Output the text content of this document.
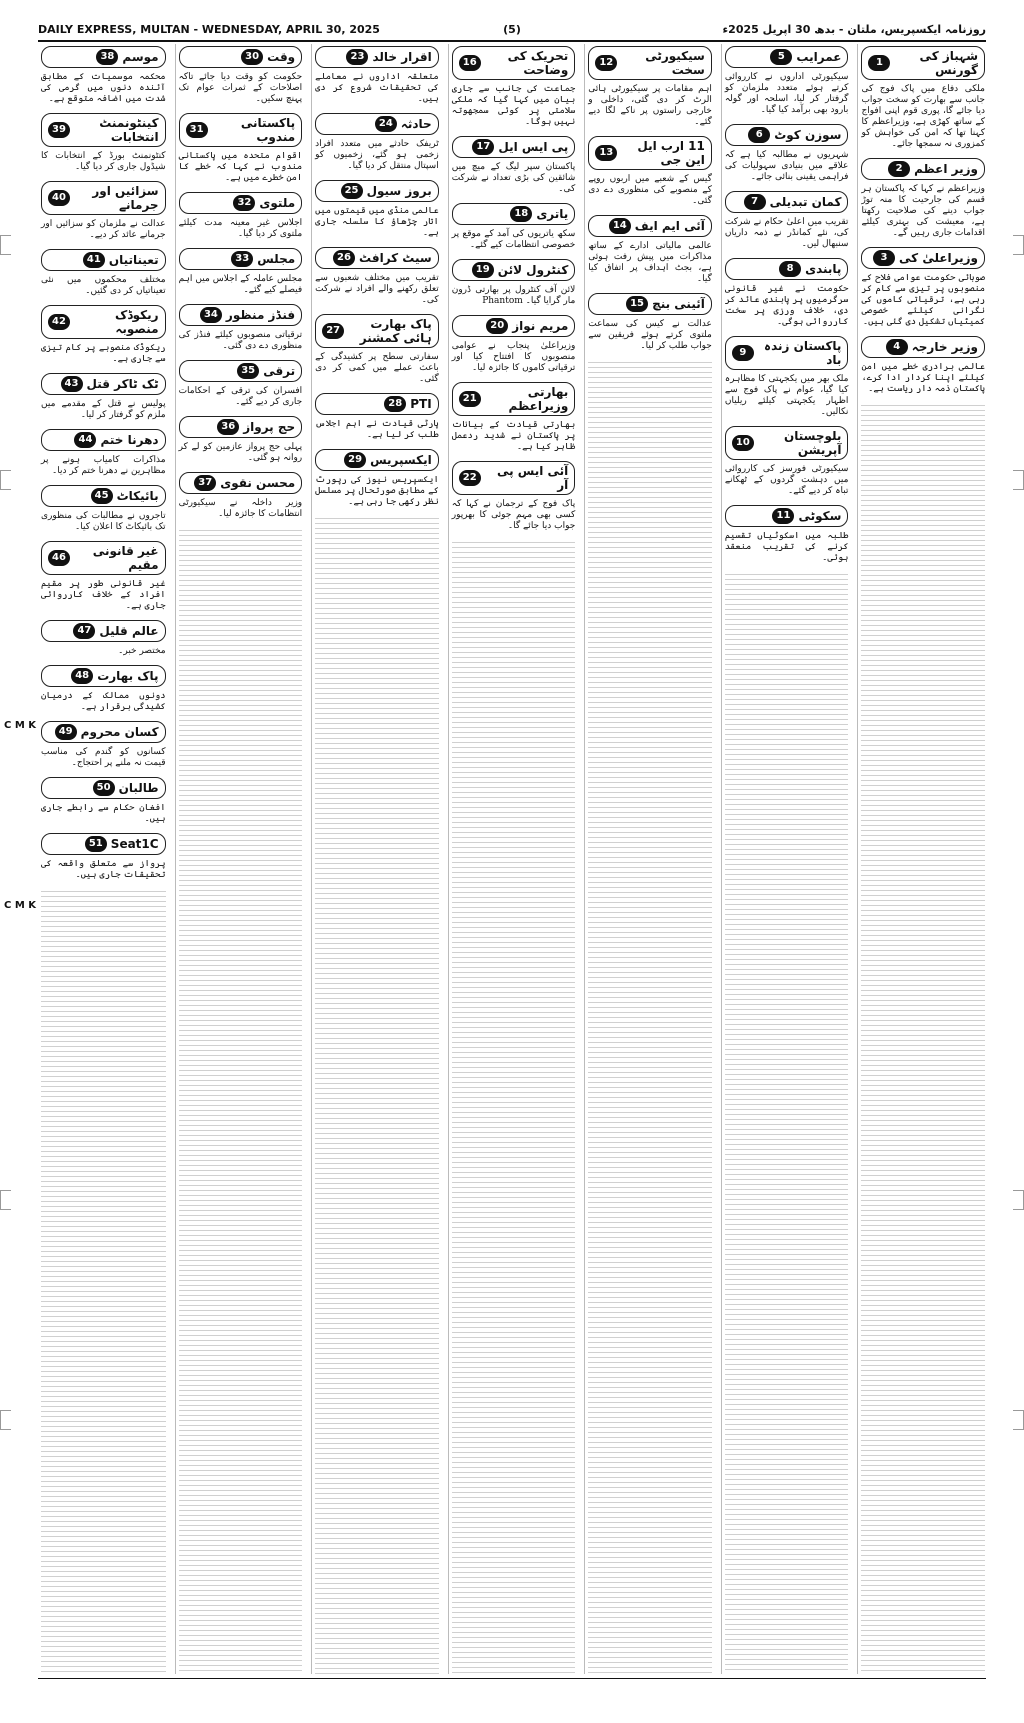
DAILY EXPRESS, MULTAN - WEDNESDAY, APRIL 30, 2025	(5)	روزنامہ ایکسپریس، ملتان - بدھ 30 اپریل 2025ء
C M K
C M K
شہباز کی گورنس
1
ملکی دفاع میں پاک فوج کی جانب سے بھارت کو سخت جواب دیا جائے گا، پوری قوم اپنی افواج کے ساتھ کھڑی ہے، وزیراعظم کا کہنا تھا کہ امن کی خواہش کو کمزوری نہ سمجھا جائے۔
وزیر اعظم
2
وزیراعظم نے کہا کہ پاکستان ہر قسم کی جارحیت کا منہ توڑ جواب دینے کی صلاحیت رکھتا ہے، معیشت کی بہتری کیلئے اقدامات جاری رہیں گے۔
وزیراعلیٰ کی
3
صوبائی حکومت عوامی فلاح کے منصوبوں پر تیزی سے کام کر رہی ہے، ترقیاتی کاموں کی نگرانی کیلئے خصوصی کمیٹیاں تشکیل دی گئی ہیں۔
وزیر خارجہ
4
عالمی برادری خطے میں امن کیلئے اپنا کردار ادا کرے، پاکستان ذمہ دار ریاست ہے۔
عمرایب
5
سیکیورٹی اداروں نے کارروائی کرتے ہوئے متعدد ملزمان کو گرفتار کر لیا، اسلحہ اور گولہ بارود بھی برآمد کیا گیا۔
سوزن کوٹ
6
شہریوں نے مطالبہ کیا ہے کہ علاقے میں بنیادی سہولیات کی فراہمی یقینی بنائی جائے۔
کمان تبدیلی
7
تقریب میں اعلیٰ حکام نے شرکت کی، نئے کمانڈر نے ذمہ داریاں سنبھال لیں۔
پابندی
8
حکومت نے غیر قانونی سرگرمیوں پر پابندی عائد کر دی، خلاف ورزی پر سخت کارروائی ہوگی۔
پاکستان زندہ باد
9
ملک بھر میں یکجہتی کا مظاہرہ کیا گیا، عوام نے پاک فوج سے اظہار یکجہتی کیلئے ریلیاں نکالیں۔
بلوچستان آپریشن
10
سیکیورٹی فورسز کی کارروائی میں دہشت گردوں کے ٹھکانے تباہ کر دیے گئے۔
سکوٹی
11
طلبہ میں اسکوٹیاں تقسیم کرنے کی تقریب منعقد ہوئی۔
سیکیورٹی سخت
12
اہم مقامات پر سیکیورٹی ہائی الرٹ کر دی گئی، داخلی و خارجی راستوں پر ناکے لگا دیے گئے۔
11 ارب ایل این جی
13
گیس کے شعبے میں اربوں روپے کے منصوبے کی منظوری دے دی گئی۔
آئی ایم ایف
14
عالمی مالیاتی ادارے کے ساتھ مذاکرات میں پیش رفت ہوئی ہے، بجٹ اہداف پر اتفاق کیا گیا۔
آئینی بنچ
15
عدالت نے کیس کی سماعت ملتوی کرتے ہوئے فریقین سے جواب طلب کر لیا۔
تحریک کی وضاحت
16
جماعت کی جانب سے جاری بیان میں کہا گیا کہ ملکی سلامتی پر کوئی سمجھوتہ نہیں ہوگا۔
پی ایس ایل
17
پاکستان سپر لیگ کے میچ میں شائقین کی بڑی تعداد نے شرکت کی۔
یاتری
18
سکھ یاتریوں کی آمد کے موقع پر خصوصی انتظامات کیے گئے۔
کنٹرول لائن
19
لائن آف کنٹرول پر بھارتی ڈرون مار گرایا گیا۔ Phantom
مریم نواز
20
وزیراعلیٰ پنجاب نے عوامی منصوبوں کا افتتاح کیا اور ترقیاتی کاموں کا جائزہ لیا۔
بھارتی وزیراعظم
21
بھارتی قیادت کے بیانات پر پاکستان نے شدید ردعمل ظاہر کیا ہے۔
آئی ایس پی آر
22
پاک فوج کے ترجمان نے کہا کہ کسی بھی مہم جوئی کا بھرپور جواب دیا جائے گا۔
اقرار خالد
23
متعلقہ اداروں نے معاملے کی تحقیقات شروع کر دی ہیں۔
حادثہ
24
ٹریفک حادثے میں متعدد افراد زخمی ہو گئے، زخمیوں کو اسپتال منتقل کر دیا گیا۔
بروز سیول
25
عالمی منڈی میں قیمتوں میں اتار چڑھاؤ کا سلسلہ جاری ہے۔
سیٹ کرافٹ
26
تقریب میں مختلف شعبوں سے تعلق رکھنے والے افراد نے شرکت کی۔
پاک بھارت ہائی کمشنر
27
سفارتی سطح پر کشیدگی کے باعث عملے میں کمی کر دی گئی۔
PTI
28
پارٹی قیادت نے اہم اجلاس طلب کر لیا ہے۔
ایکسپریس
29
ایکسپریس نیوز کی رپورٹ کے مطابق صورتحال پر مسلسل نظر رکھی جا رہی ہے۔
وقت
30
حکومت کو وقت دیا جائے تاکہ اصلاحات کے ثمرات عوام تک پہنچ سکیں۔
پاکستانی مندوب
31
اقوام متحدہ میں پاکستانی مندوب نے کہا کہ خطے کا امن خطرے میں ہے۔
ملتوی
32
اجلاس غیر معینہ مدت کیلئے ملتوی کر دیا گیا۔
مجلس
33
مجلس عاملہ کے اجلاس میں اہم فیصلے کیے گئے۔
فنڈز منظور
34
ترقیاتی منصوبوں کیلئے فنڈز کی منظوری دے دی گئی۔
ترقی
35
افسران کی ترقی کے احکامات جاری کر دیے گئے۔
حج پرواز
36
پہلی حج پرواز عازمین کو لے کر روانہ ہو گئی۔
محسن نقوی
37
وزیر داخلہ نے سیکیورٹی انتظامات کا جائزہ لیا۔
موسم
38
محکمہ موسمیات کے مطابق آئندہ دنوں میں گرمی کی شدت میں اضافہ متوقع ہے۔
کینٹونمنٹ انتخابات
39
کنٹونمنٹ بورڈ کے انتخابات کا شیڈول جاری کر دیا گیا۔
سزائیں اور جرمانے
40
عدالت نے ملزمان کو سزائیں اور جرمانے عائد کر دیے۔
تعیناتیاں
41
مختلف محکموں میں نئی تعیناتیاں کر دی گئیں۔
ریکوڈک منصوبہ
42
ریکوڈک منصوبے پر کام تیزی سے جاری ہے۔
ٹک ٹاکر قتل
43
پولیس نے قتل کے مقدمے میں ملزم کو گرفتار کر لیا۔
دھرنا ختم
44
مذاکرات کامیاب ہونے پر مظاہرین نے دھرنا ختم کر دیا۔
بائیکاٹ
45
تاجروں نے مطالبات کی منظوری تک بائیکاٹ کا اعلان کیا۔
غیر قانونی مقیم
46
غیر قانونی طور پر مقیم افراد کے خلاف کارروائی جاری ہے۔
عالم قلیل
47
مختصر خبر۔
پاک بھارت
48
دونوں ممالک کے درمیان کشیدگی برقرار ہے۔
کسان محروم
49
کسانوں کو گندم کی مناسب قیمت نہ ملنے پر احتجاج۔
طالبان
50
افغان حکام سے رابطے جاری ہیں۔
Seat1C
51
پرواز سے متعلق واقعہ کی تحقیقات جاری ہیں۔
